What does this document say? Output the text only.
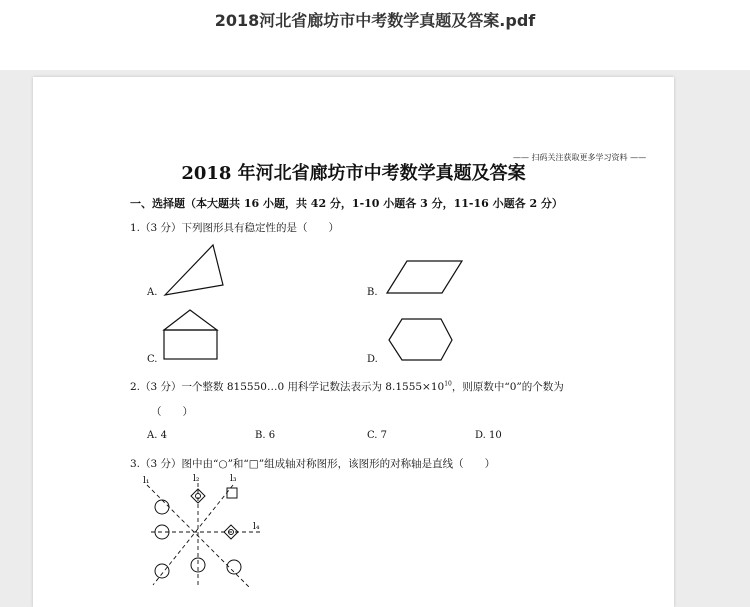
2018河北省廊坊市中考数学真题及答案.pdf
—— 扫码关注获取更多学习资料 ——
2018 年河北省廊坊市中考数学真题及答案
一、选择题（本大题共 16 小题，共 42 分，1-10 小题各 3 分，11-16 小题各 2 分）
1.（3 分）下列图形具有稳定性的是（　　）
A.	B.
C.	D.
2.（3 分）一个整数 815550…0 用科学记数法表示为 $8.1555\times 10^{10}$，则原数中“0”的个数为
（　　）
A. 4	B. 6	C. 7	D. 10
3.（3 分）图中由“○”和“□”组成轴对称图形，该图形的对称轴是直线（　　）
l₁	l₂	l₃
l₄
